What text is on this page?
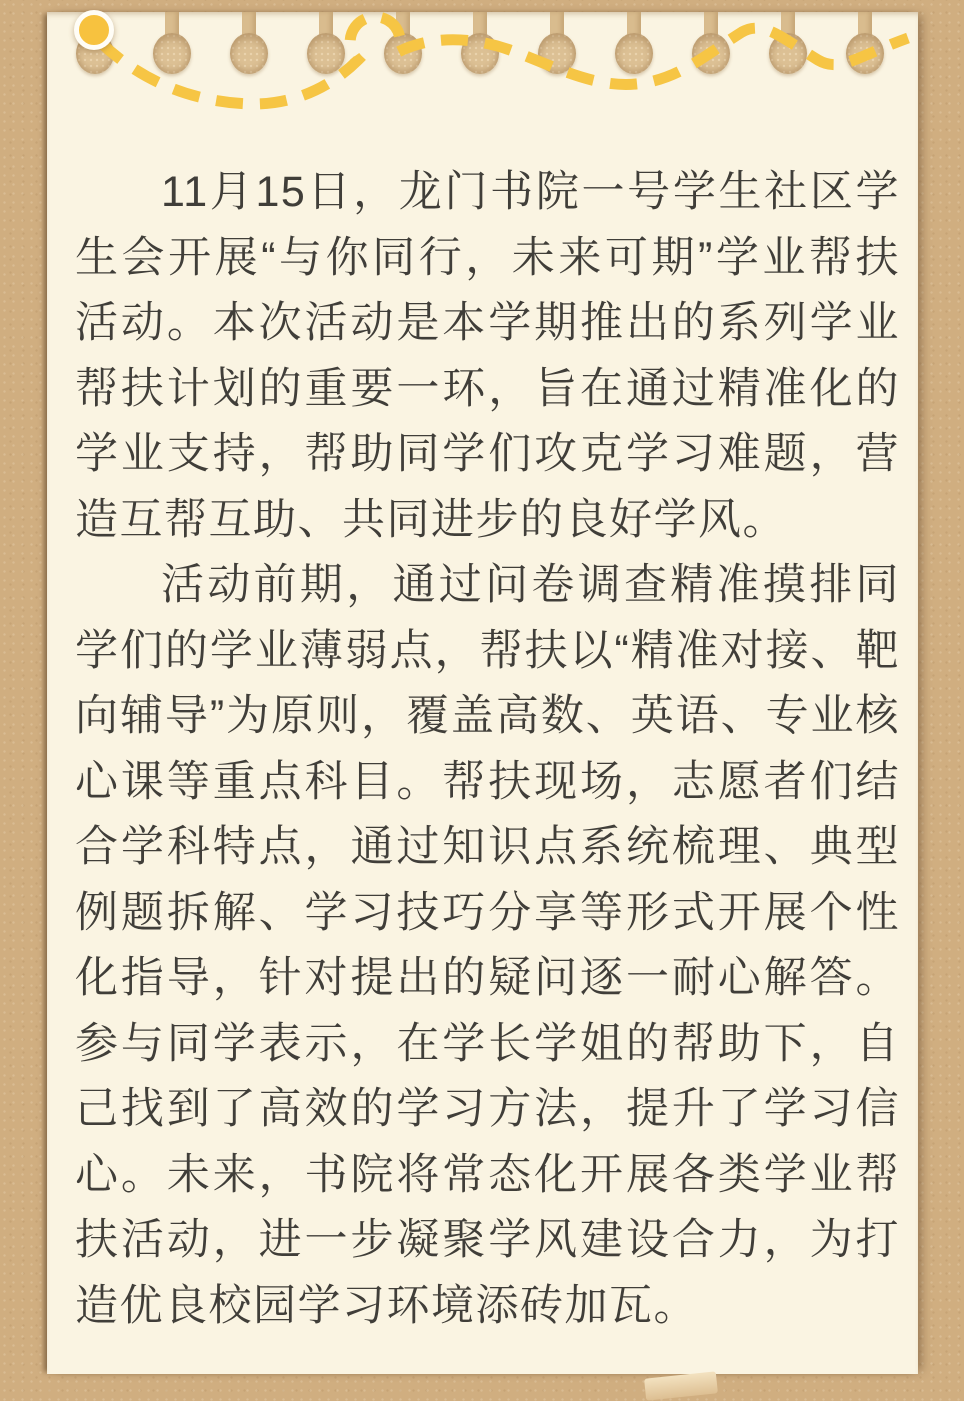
11月15日，龙门书院一号学生社区学生会开展“与你同行，未来可期”学业帮扶活动。本次活动是本学期推出的系列学业帮扶计划的重要一环，旨在通过精准化的学业支持，帮助同学们攻克学习难题，营造互帮互助、共同进步的良好学风。

活动前期，通过问卷调查精准摸排同学们的学业薄弱点，帮扶以“精准对接、靶向辅导”为原则，覆盖高数、英语、专业核心课等重点科目。帮扶现场，志愿者们结合学科特点，通过知识点系统梳理、典型例题拆解、学习技巧分享等形式开展个性化指导，针对提出的疑问逐一耐心解答。参与同学表示，在学长学姐的帮助下，自己找到了高效的学习方法，提升了学习信心。未来，书院将常态化开展各类学业帮扶活动，进一步凝聚学风建设合力，为打造优良校园学习环境添砖加瓦。
